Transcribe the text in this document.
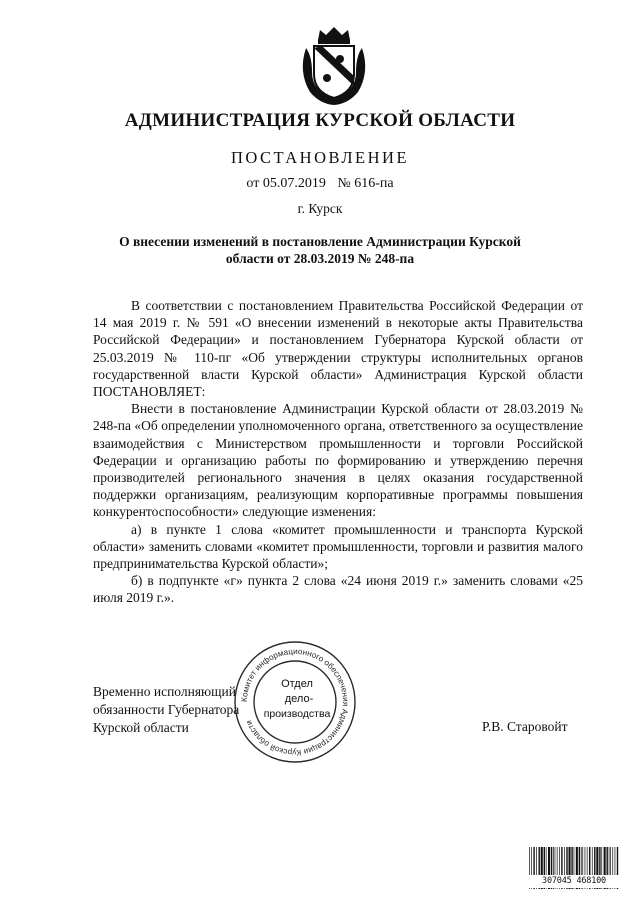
АДМИНИСТРАЦИЯ КУРСКОЙ ОБЛАСТИ
ПОСТАНОВЛЕНИЕ
от 05.07.2019 № 616-па
г. Курск
О внесении изменений в постановление Администрации Курской области от 28.03.2019 № 248-па

В соответствии с постановлением Правительства Российской Федерации от 14 мая 2019 г. № 591 «О внесении изменений в некоторые акты Правительства Российской Федерации» и постановлением Губернатора Курской области от 25.03.2019 № 110-пг «Об утверждении структуры исполнительных органов государственной власти Курской области» Администрация Курской области ПОСТАНОВЛЯЕТ:

Внести в постановление Администрации Курской области от 28.03.2019 № 248-па «Об определении уполномоченного органа, ответственного за осуществление взаимодействия с Министерством промышленности и торговли Российской Федерации и организацию работы по формированию и утверждению перечня производителей регионального значения в целях оказания государственной поддержки организациям, реализующим корпоративные программы повышения конкурентоспособности» следующие изменения:

а) в пункте 1 слова «комитет промышленности и транспорта Курской области» заменить словами «комитет промышленности, торговли и развития малого предпринимательства Курской области»;

б) в подпункте «г» пункта 2 слова «24 июня 2019 г.» заменить словами «25 июля 2019 г.».

Временно исполняющий
обязанности Губернатора
Курской области	Р.В. Старовойт
Комитет информационного обеспечения Администрации Курской области
Отдел
дело-
производства
307045 468100
